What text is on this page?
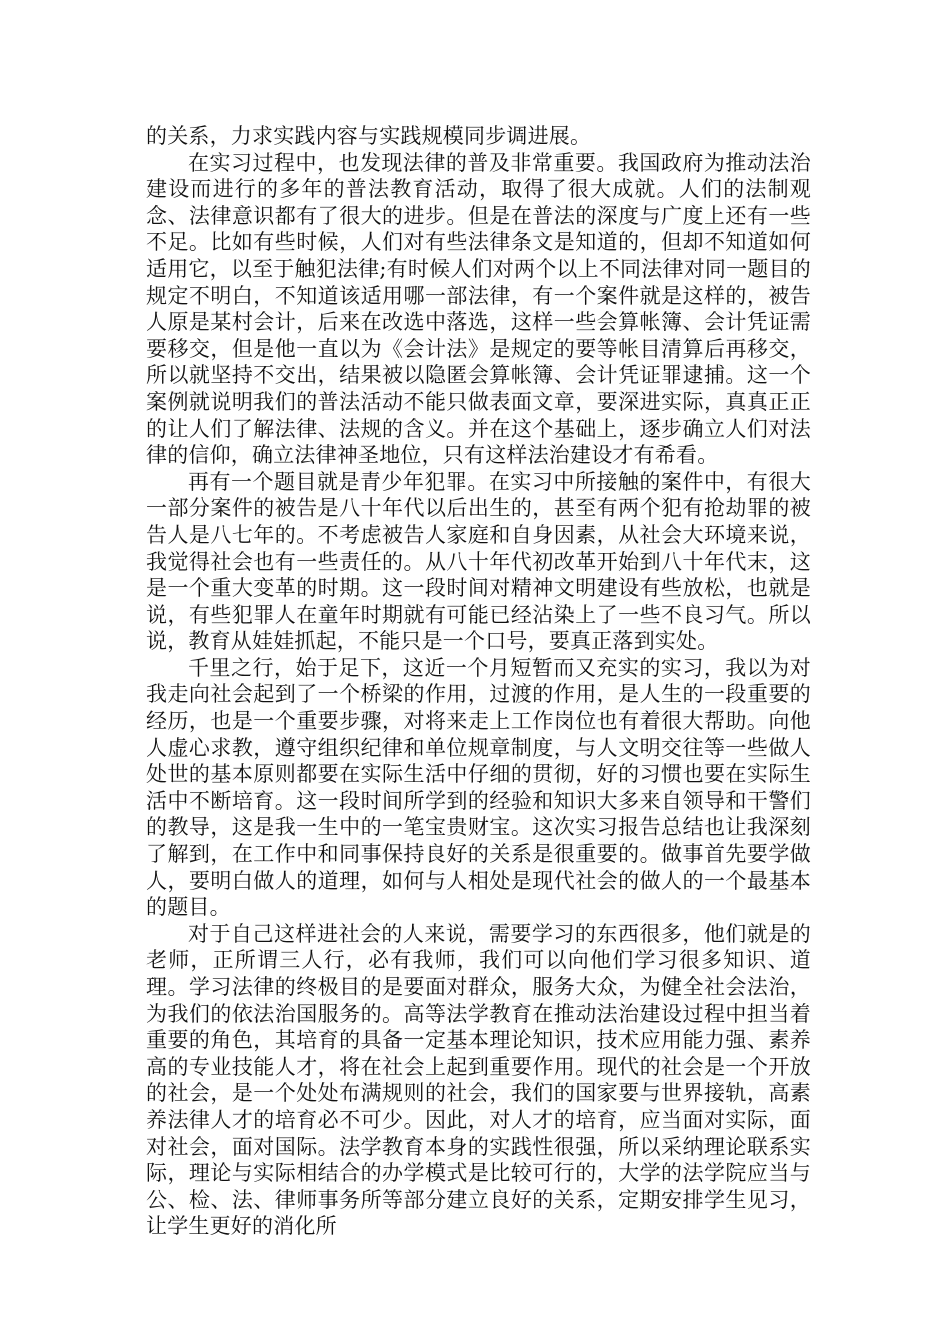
的关系，力求实践内容与实践规模同步调进展。

在实习过程中，也发现法律的普及非常重要。我国政府为推动法治建设而进行的多年的普法教育活动，取得了很大成就。人们的法制观念、法律意识都有了很大的进步。但是在普法的深度与广度上还有一些不足。比如有些时候，人们对有些法律条文是知道的，但却不知道如何适用它，以至于触犯法律;有时候人们对两个以上不同法律对同一题目的规定不明白，不知道该适用哪一部法律，有一个案件就是这样的，被告人原是某村会计，后来在改选中落选，这样一些会算帐簿、会计凭证需要移交，但是他一直以为《会计法》是规定的要等帐目清算后再移交，所以就坚持不交出，结果被以隐匿会算帐簿、会计凭证罪逮捕。这一个案例就说明我们的普法活动不能只做表面文章，要深进实际，真真正正的让人们了解法律、法规的含义。并在这个基础上，逐步确立人们对法律的信仰，确立法律神圣地位，只有这样法治建设才有希看。

再有一个题目就是青少年犯罪。在实习中所接触的案件中，有很大一部分案件的被告是八十年代以后出生的，甚至有两个犯有抢劫罪的被告人是八七年的。不考虑被告人家庭和自身因素，从社会大环境来说，我觉得社会也有一些责任的。从八十年代初改革开始到八十年代末，这是一个重大变革的时期。这一段时间对精神文明建设有些放松，也就是说，有些犯罪人在童年时期就有可能已经沾染上了一些不良习气。所以说，教育从娃娃抓起，不能只是一个口号，要真正落到实处。

千里之行，始于足下，这近一个月短暂而又充实的实习，我以为对我走向社会起到了一个桥梁的作用，过渡的作用，是人生的一段重要的经历，也是一个重要步骤，对将来走上工作岗位也有着很大帮助。向他人虚心求教，遵守组织纪律和单位规章制度，与人文明交往等一些做人处世的基本原则都要在实际生活中仔细的贯彻，好的习惯也要在实际生活中不断培育。这一段时间所学到的经验和知识大多来自领导和干警们的教导，这是我一生中的一笔宝贵财宝。这次实习报告总结也让我深刻了解到，在工作中和同事保持良好的关系是很重要的。做事首先要学做人，要明白做人的道理，如何与人相处是现代社会的做人的一个最基本的题目。

对于自己这样进社会的人来说，需要学习的东西很多，他们就是的老师，正所谓三人行，必有我师，我们可以向他们学习很多知识、道理。学习法律的终极目的是要面对群众，服务大众，为健全社会法治，为我们的依法治国服务的。高等法学教育在推动法治建设过程中担当着重要的角色，其培育的具备一定基本理论知识，技术应用能力强、素养高的专业技能人才，将在社会上起到重要作用。现代的社会是一个开放的社会，是一个处处布满规则的社会，我们的国家要与世界接轨，高素养法律人才的培育必不可少。因此，对人才的培育，应当面对实际，面对社会，面对国际。法学教育本身的实践性很强，所以采纳理论联系实际，理论与实际相结合的办学模式是比较可行的，大学的法学院应当与公、检、法、律师事务所等部分建立良好的关系，定期安排学生见习，让学生更好的消化所
